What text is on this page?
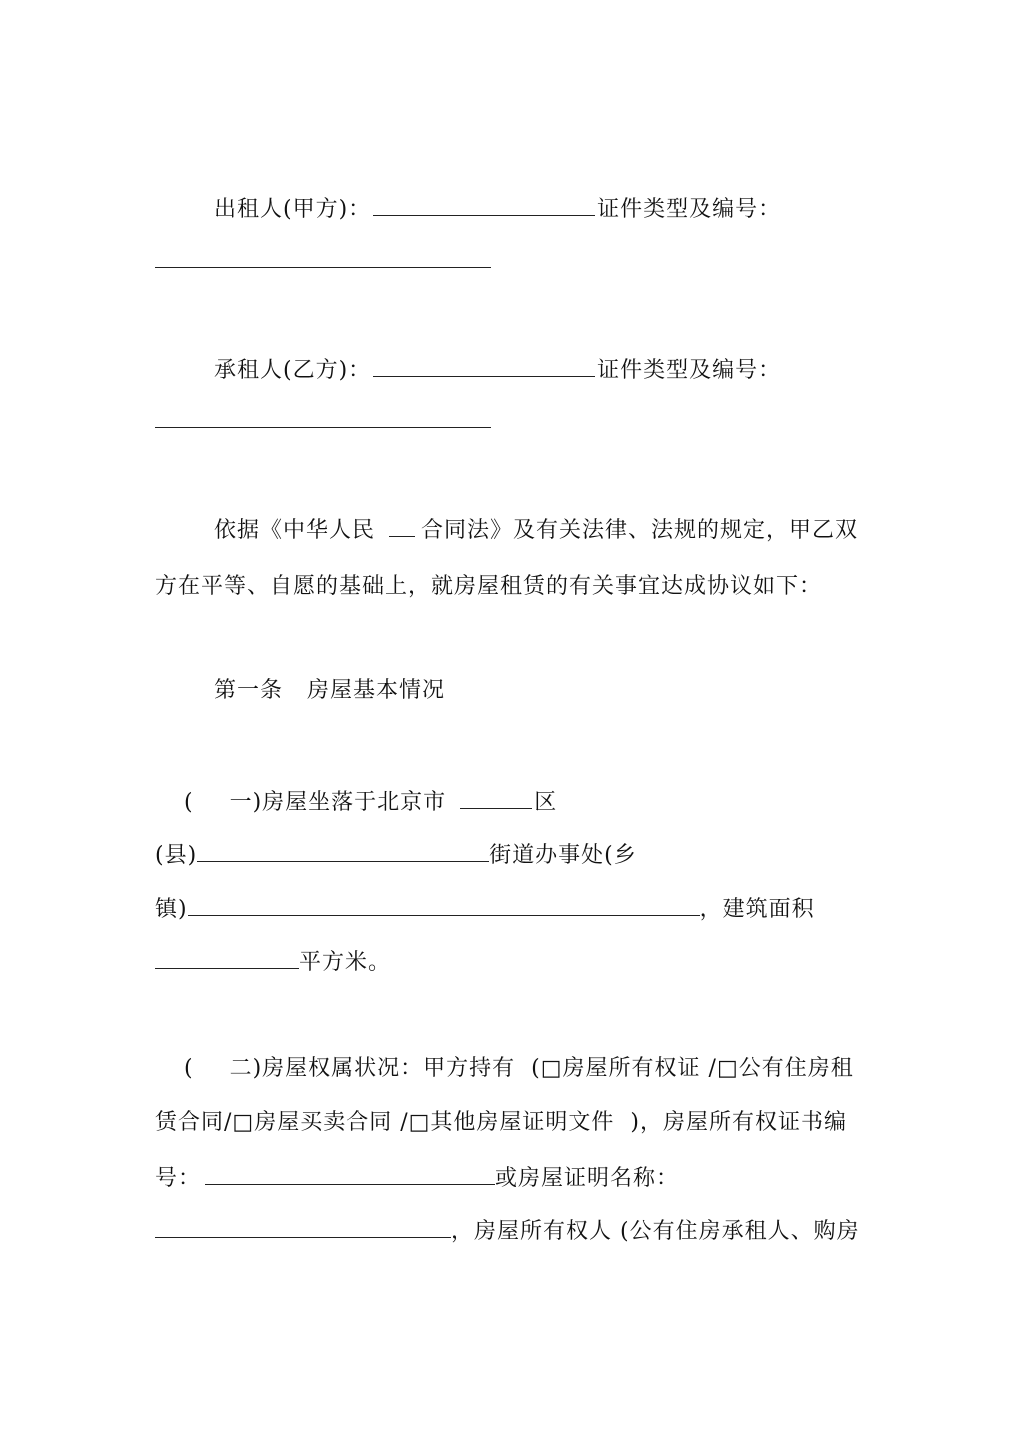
出租人(甲方)：	证件类型及编号：
承租人(乙方)：	证件类型及编号：
依据《中华人民 合同法》及有关法律、法规的规定，甲乙双
方在平等、自愿的基础上，就房屋租赁的有关事宜达成协议如下：
第一条   房屋基本情况
( 一)房屋坐落于北京市	区
(县)	街道办事处(乡
镇)	，建筑面积
平方米。
( 二)房屋权属状况：甲方持有  (□房屋所有权证 /□公有住房租
赁合同/□房屋买卖合同 /□其他房屋证明文件  )，房屋所有权证书编
号：	或房屋证明名称：
，房屋所有权人 (公有住房承租人、购房
